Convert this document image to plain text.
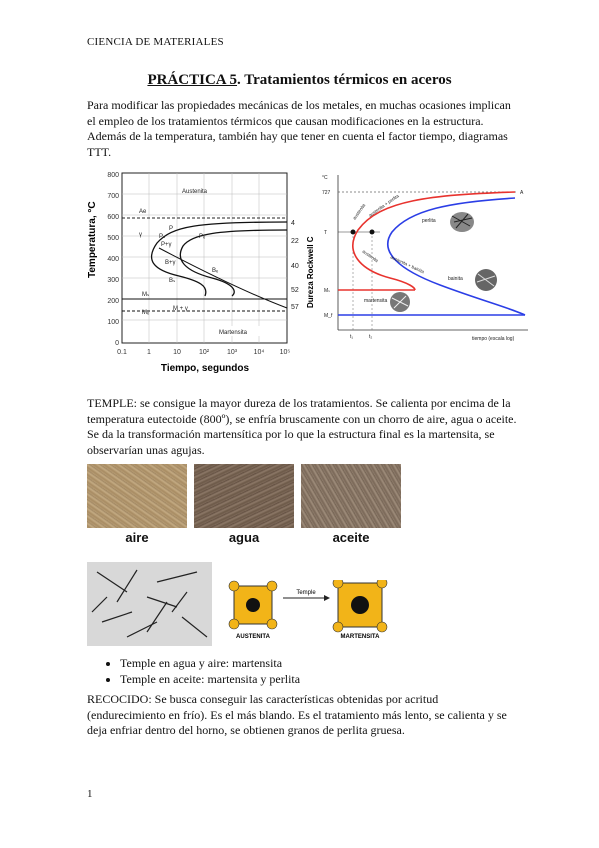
CIENCIA DE MATERIALES
PRÁCTICA 5. Tratamientos térmicos en aceros
Para modificar las propiedades mecánicas de los metales, en muchas ocasiones implican el empleo de los tratamientos térmicos que causan modificaciones en la estructura. Además de la temperatura, también hay que tener en cuenta el factor tiempo, diagramas TTT.
Temperatura, °C
800
700
600
500
400
300
200
100
0
0.1	1	10	10²	10³ 10⁴ 10⁵
Tiempo, segundos
4
22
40
52
57 Dureza Rockwell C
Austenita
Ae
γ
P
Pₛ	Pₑ
P+γ
B+γ
Bₛ
Bₑ
Mₛ
Mₑ
M + γ
Martensita
°C
727
T
Mₛ
M_f
A
austenita austenita + perlita
austenita + bainita
austenita
perlita
bainita
martensita
t₁	t₂	tiempo (escala log)
TEMPLE: se consigue la mayor dureza de los tratamientos. Se calienta por encima de la temperatura eutectoide (800º), se enfría bruscamente con un chorro de aire, agua o aceite. Se da la transformación martensítica por lo que la estructura final es la martensita, se observarían unas agujas.
aire	agua	aceite
Temple
AUSTENITA	MARTENSITA
• Temple en agua y aire: martensita
• Temple en aceite: martensita y perlita
RECOCIDO: Se busca conseguir las características obtenidas por acritud (endurecimiento en frío). Es el más blando. Es el tratamiento más lento, se calienta y se deja enfriar dentro del horno, se obtienen granos de perlita gruesa.
1
